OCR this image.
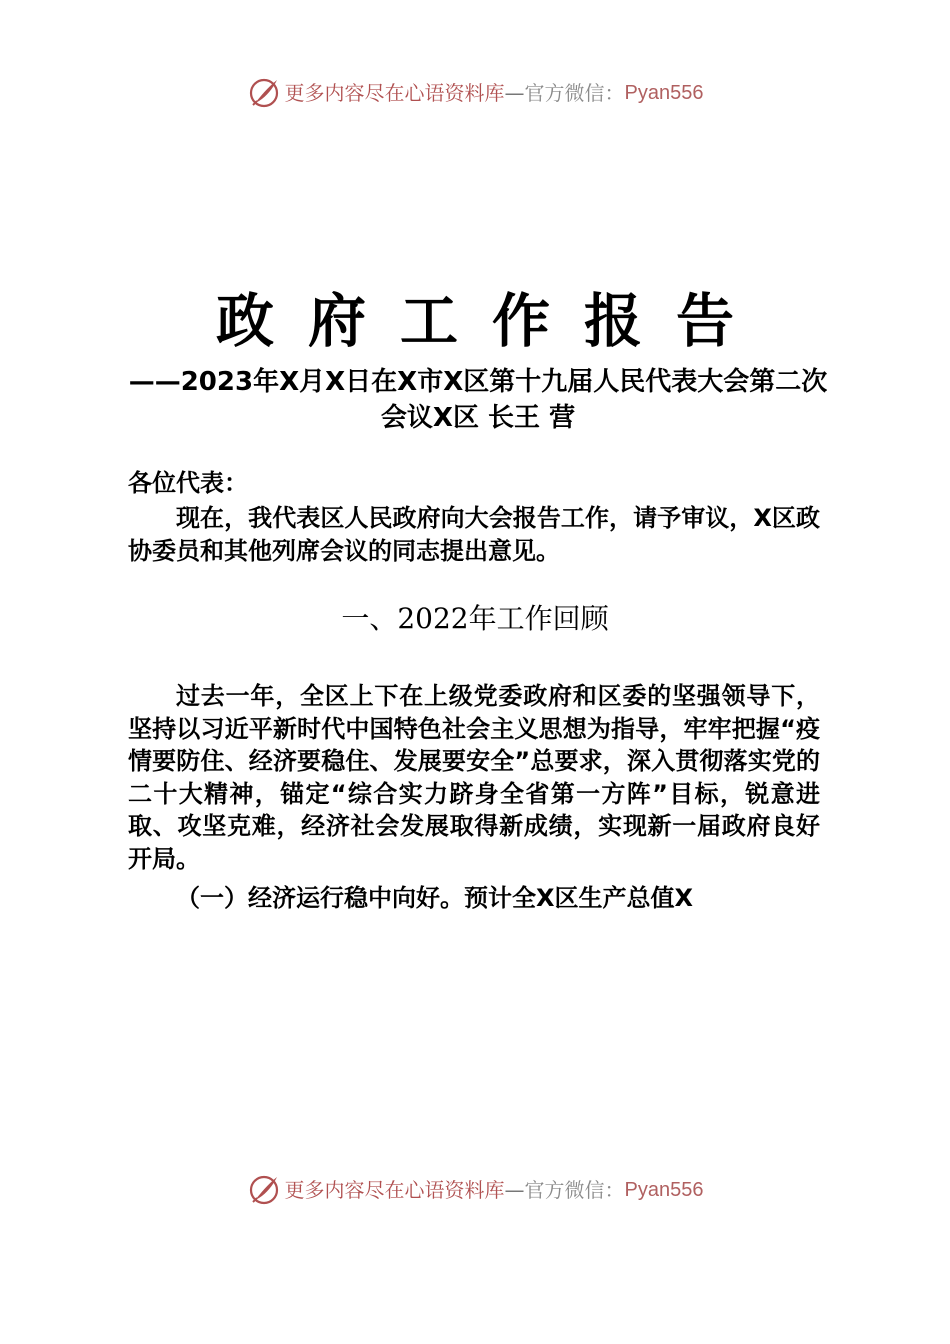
更多内容尽在心语资料库 — 官方微信： Pyan556
政府工作报告
——2023年X月X日在X市X区第十九届人民代表大会第二次会议X区 长王 营
各位代表：
现在，我代表区人民政府向大会报告工作，请予审议，X区政协委员和其他列席会议的同志提出意见。
一、2022年工作回顾
过去一年，全区上下在上级党委政府和区委的坚强领导下，坚持以习近平新时代中国特色社会主义思想为指导，牢牢把握“疫情要防住、经济要稳住、发展要安全”总要求，深入贯彻落实党的二十大精神，锚定“综合实力跻身全省第一方阵”目标，锐意进取、攻坚克难，经济社会发展取得新成绩，实现新一届政府良好开局。
（一）经济运行稳中向好。预计全X区生产总值X
更多内容尽在心语资料库 — 官方微信： Pyan556
